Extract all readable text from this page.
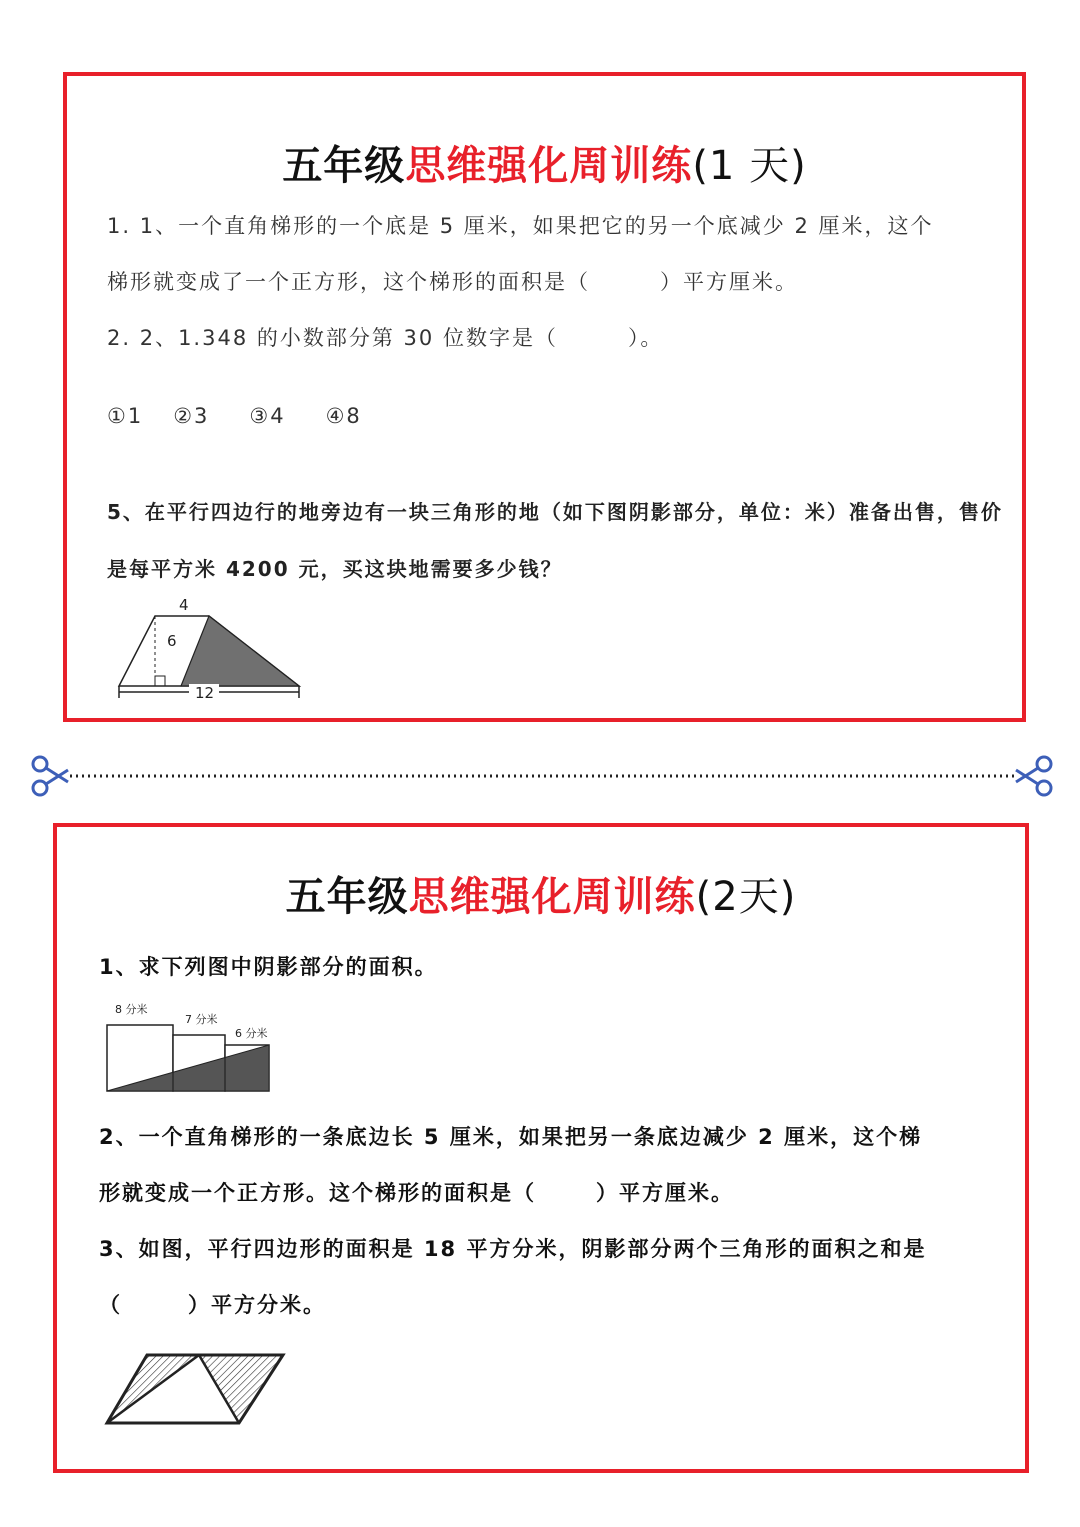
五年级思维强化周训练(1 天)
1. 1、一个直角梯形的一个底是 5 厘米，如果把它的另一个底减少 2 厘米，这个
梯形就变成了一个正方形，这个梯形的面积是（	）平方厘米。
2. 2、1.348 的小数部分第 30 位数字是（	）。
①1 ②3 ③4 ④8
5、在平行四边行的地旁边有一块三角形的地（如下图阴影部分，单位：米）准备出售，售价
是每平方米 4200 元，买这块地需要多少钱？
4
6
12
五年级思维强化周训练(2天)
1、求下列图中阴影部分的面积。
8 分米
7 分米
6 分米
2、一个直角梯形的一条底边长 5 厘米，如果把另一条底边减少 2 厘米，这个梯
形就变成一个正方形。这个梯形的面积是（	）平方厘米。
3、如图，平行四边形的面积是 18 平方分米，阴影部分两个三角形的面积之和是
（	）平方分米。
